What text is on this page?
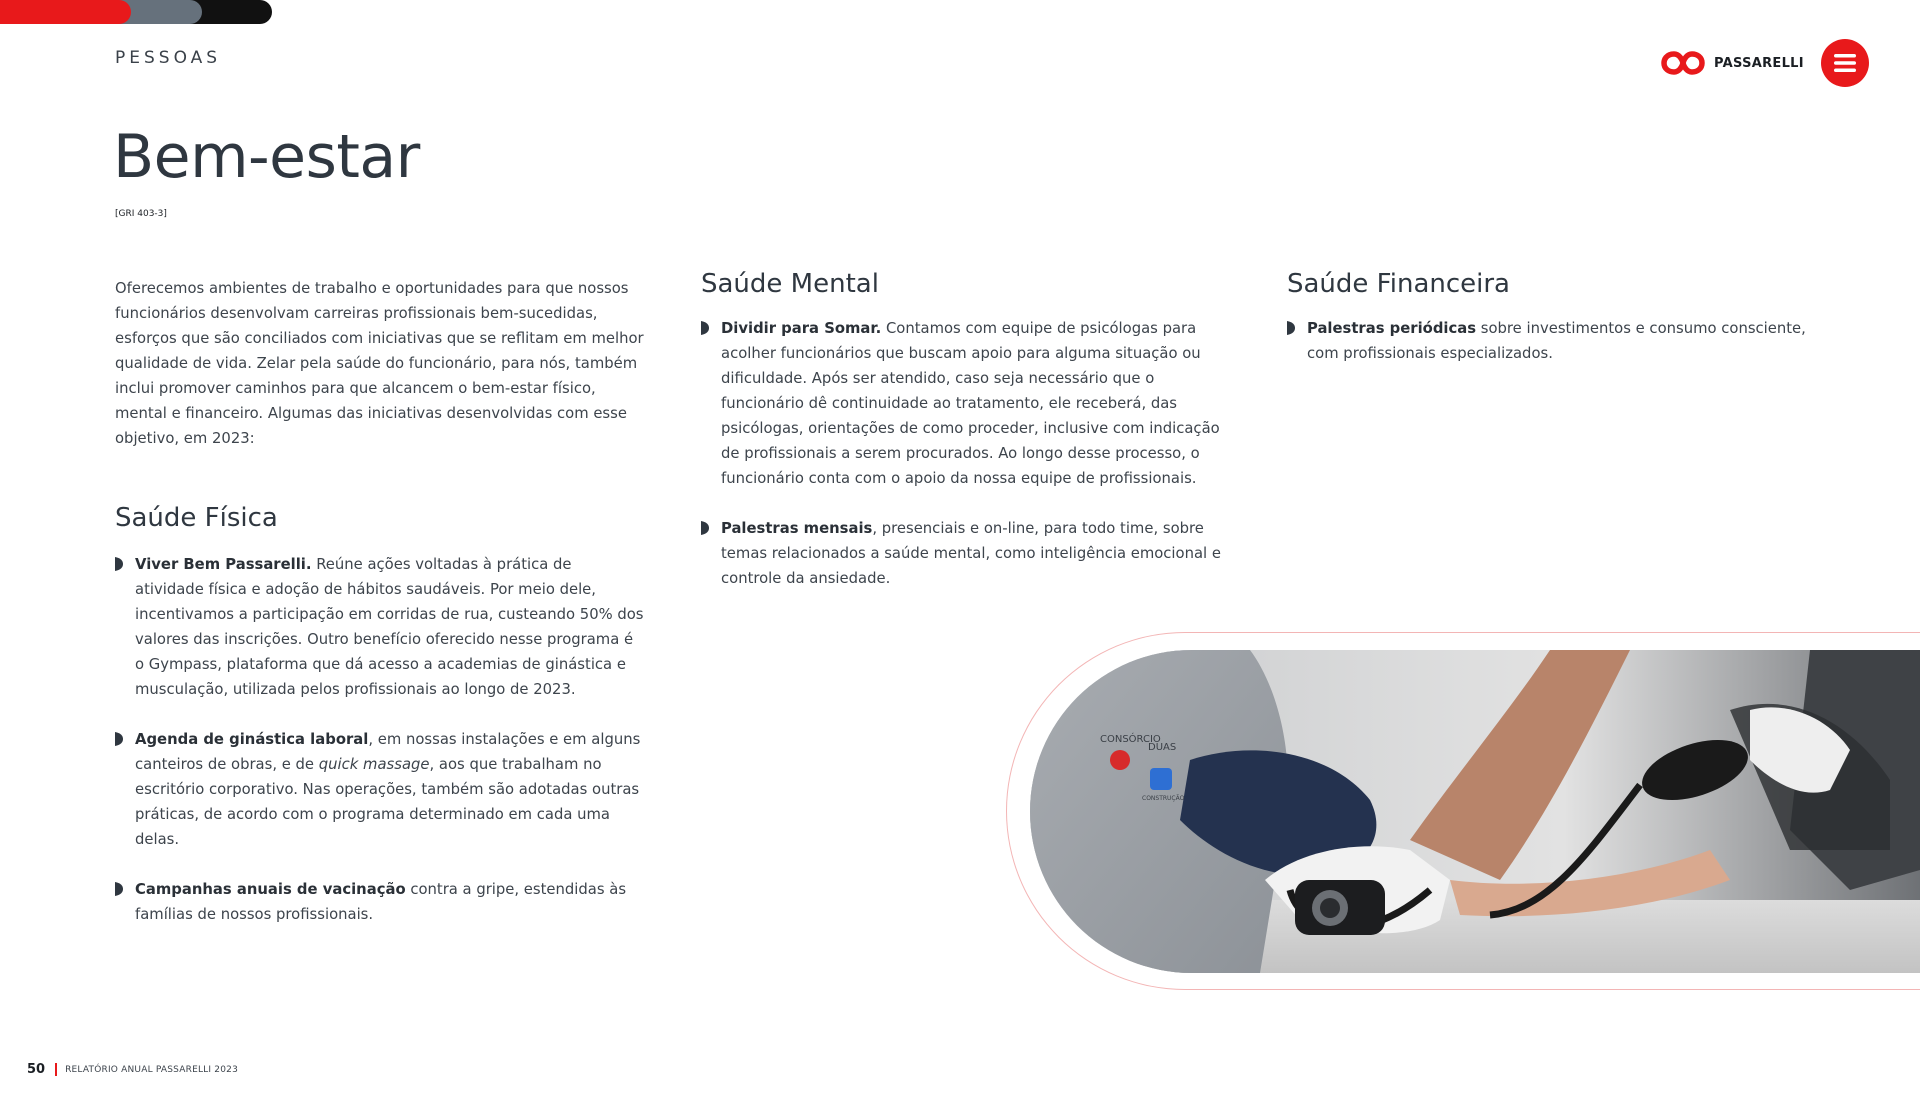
PESSOAS	PASSARELLI
Bem-estar
[GRI 403-3]

Oferecemos ambientes de trabalho e oportunidades para que nossos funcionários desenvolvam carreiras profissionais bem-sucedidas, esforços que são conciliados com iniciativas que se reflitam em melhor qualidade de vida. Zelar pela saúde do funcionário, para nós, também inclui promover caminhos para que alcancem o bem-estar físico, mental e financeiro. Algumas das iniciativas desenvolvidas com esse objetivo, em 2023:

Saúde Física
Viver Bem Passarelli. Reúne ações voltadas à prática de atividade física e adoção de hábitos saudáveis. Por meio dele, incentivamos a participação em corridas de rua, custeando 50% dos valores das inscrições. Outro benefício oferecido nesse programa é o Gympass, plataforma que dá acesso a academias de ginástica e musculação, utilizada pelos profissionais ao longo de 2023.
Agenda de ginástica laboral, em nossas instalações e em alguns canteiros de obras, e de quick massage, aos que trabalham no escritório corporativo. Nas operações, também são adotadas outras práticas, de acordo com o programa determinado em cada uma delas.
Campanhas anuais de vacinação contra a gripe, estendidas às famílias de nossos profissionais.
Saúde Mental
Dividir para Somar. Contamos com equipe de psicólogas para acolher funcionários que buscam apoio para alguma situação ou dificuldade. Após ser atendido, caso seja necessário que o funcionário dê continuidade ao tratamento, ele receberá, das psicólogas, orientações de como proceder, inclusive com indicação de profissionais a serem procurados. Ao longo desse processo, o funcionário conta com o apoio da nossa equipe de profissionais.
Palestras mensais, presenciais e on-line, para todo time, sobre temas relacionados a saúde mental, como inteligência emocional e controle da ansiedade.
Saúde Financeira
Palestras periódicas sobre investimentos e consumo consciente, com profissionais especializados.
CONSÓRCIO
DUAS
CONSTRUÇÃO
50 RELATÓRIO ANUAL PASSARELLI 2023
